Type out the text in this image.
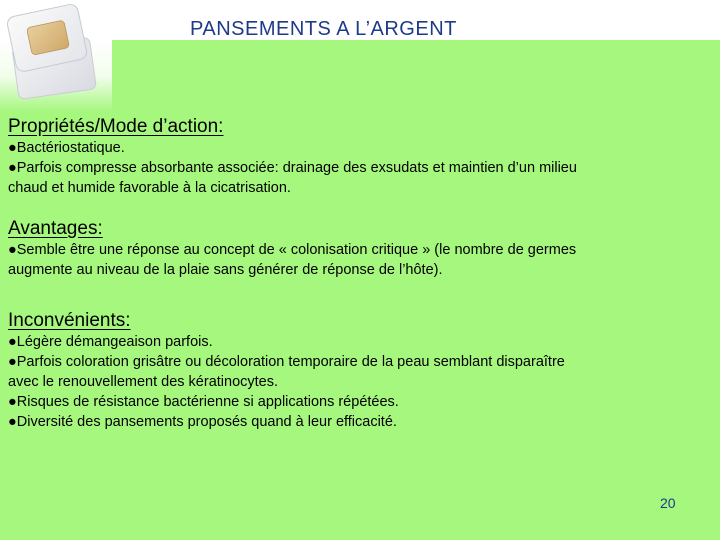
PANSEMENTS A L’ARGENT
Propriétés/Mode d’action:
●Bactériostatique.
●Parfois compresse absorbante associée: drainage des exsudats et maintien d’un milieu
chaud et humide favorable à la cicatrisation.
Avantages:
●Semble être une réponse au concept de « colonisation critique » (le nombre de germes
augmente au niveau de la plaie sans générer de réponse de l’hôte).
Inconvénients:
●Légère démangeaison parfois.
●Parfois coloration grisâtre ou décoloration temporaire de la peau semblant disparaître
avec le renouvellement des kératinocytes.
●Risques de résistance bactérienne si applications répétées.
●Diversité des pansements proposés quand à leur efficacité.
20
